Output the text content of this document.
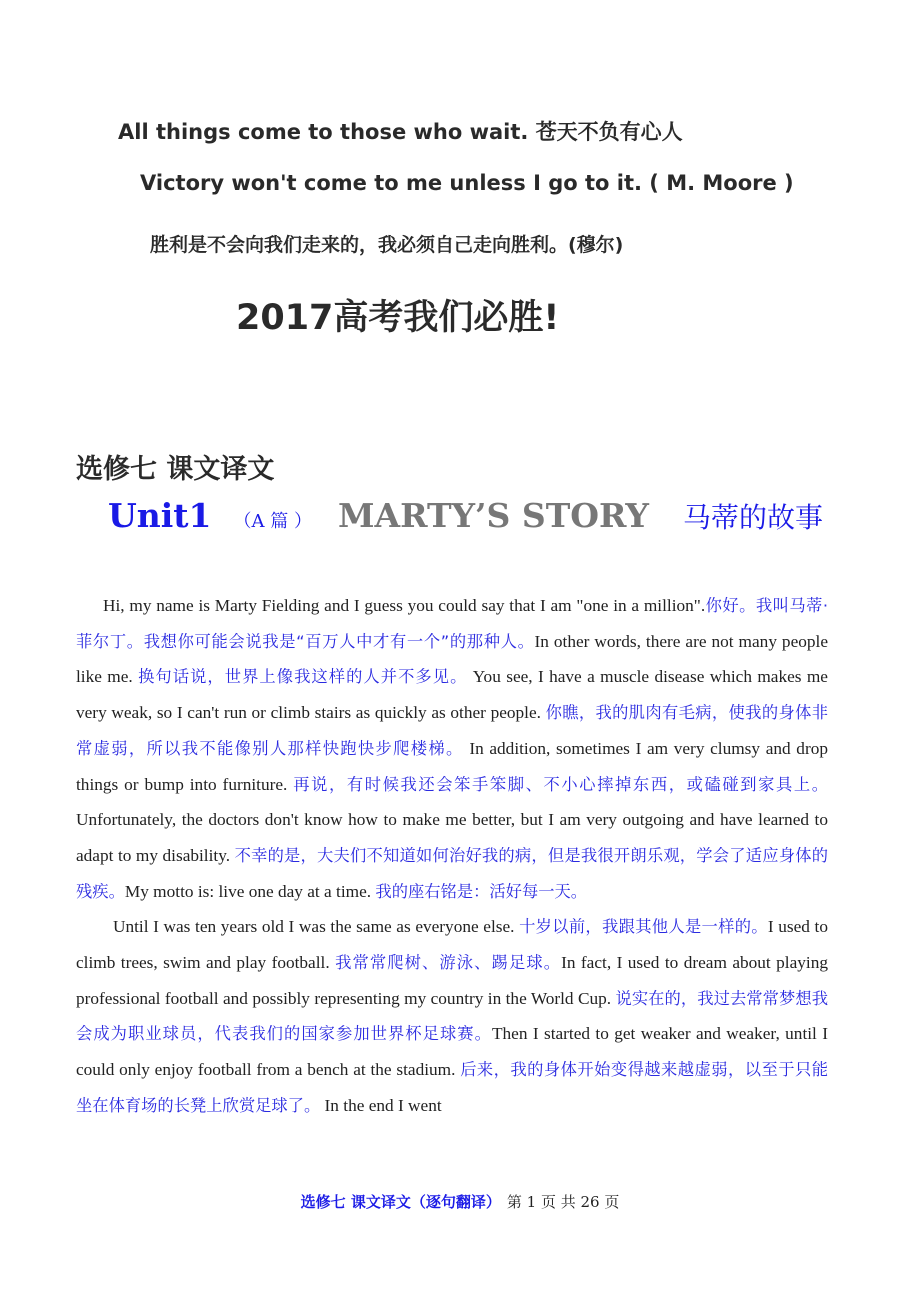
All things come to those who wait. 苍天不负有心人
Victory won't come to me unless I go to it. ( M. Moore )
胜利是不会向我们走来的，我必须自己走向胜利。(穆尔)
2017高考我们必胜!
选修七 课文译文
Unit1 （A 篇 ） MARTY’S STORY 马蒂的故事

Hi, my name is Marty Fielding and I guess you could say that I am "one in a million".你好。我叫马蒂·菲尔丁。我想你可能会说我是“百万人中才有一个”的那种人。In other words, there are not many people like me. 换句话说，世界上像我这样的人并不多见。 You see, I have a muscle disease which makes me very weak, so I can't run or climb stairs as quickly as other people. 你瞧，我的肌肉有毛病，使我的身体非常虚弱，所以我不能像别人那样快跑快步爬楼梯。 In addition, sometimes I am very clumsy and drop things or bump into furniture. 再说，有时候我还会笨手笨脚、不小心摔掉东西，或磕碰到家具上。Unfortunately, the doctors don't know how to make me better, but I am very outgoing and have learned to adapt to my disability. 不幸的是，大夫们不知道如何治好我的病，但是我很开朗乐观，学会了适应身体的残疾。My motto is: live one day at a time. 我的座右铭是：活好每一天。

Until I was ten years old I was the same as everyone else. 十岁以前，我跟其他人是一样的。I used to climb trees, swim and play football. 我常常爬树、游泳、踢足球。In fact, I used to dream about playing professional football and possibly representing my country in the World Cup. 说实在的，我过去常常梦想我会成为职业球员，代表我们的国家参加世界杯足球赛。Then I started to get weaker and weaker, until I could only enjoy football from a bench at the stadium. 后来，我的身体开始变得越来越虚弱，以至于只能坐在体育场的长凳上欣赏足球了。 In the end I went

选修七 课文译文（逐句翻译） 第 1 页 共 26 页
